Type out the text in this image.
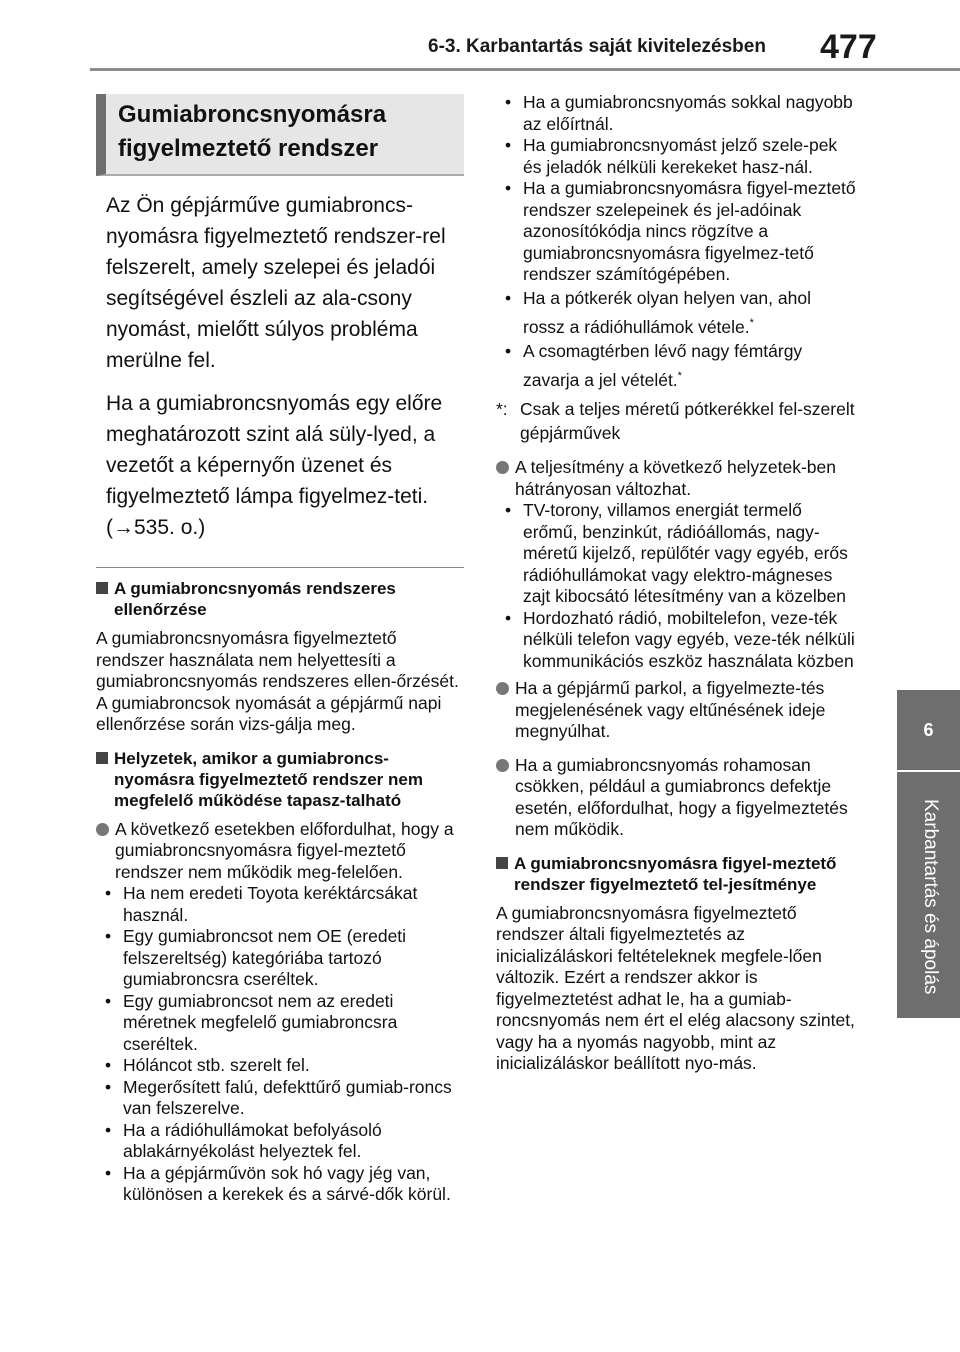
6-3. Karbantartás saját kivitelezésben 477
6
Karbantartás és ápolás
Gumiabroncsnyomásra
figyelmeztető rendszer

Az Ön gépjárműve gumiabroncs-nyomásra figyelmeztető rendszer-rel felszerelt, amely szelepei és jeladói segítségével észleli az ala-csony nyomást, mielőtt súlyos probléma merülne fel.

Ha a gumiabroncsnyomás egy előre meghatározott szint alá süly-lyed, a vezetőt a képernyőn üzenet és figyelmeztető lámpa figyelmez-teti. (→535. o.)

A gumiabroncsnyomás rendszeres ellenőrzése

A gumiabroncsnyomásra figyelmeztető rendszer használata nem helyettesíti a gumiabroncsnyomás rendszeres ellen-őrzését. A gumiabroncsok nyomását a gépjármű napi ellenőrzése során vizs-gálja meg.

Helyzetek, amikor a gumiabroncs-nyomásra figyelmeztető rendszer nem megfelelő működése tapasz-talható
A következő esetekben előfordulhat, hogy a gumiabroncsnyomásra figyel-meztető rendszer nem működik meg-felelően.
• Ha nem eredeti Toyota keréktárcsákat használ.
• Egy gumiabroncsot nem OE (eredeti felszereltség) kategóriába tartozó gumiabroncsra cseréltek.
• Egy gumiabroncsot nem az eredeti méretnek megfelelő gumiabroncsra cseréltek.
• Hóláncot stb. szerelt fel.
• Megerősített falú, defekttűrő gumiab-roncs van felszerelve.
• Ha a rádióhullámokat befolyásoló ablakárnyékolást helyeztek fel.
• Ha a gépjárművön sok hó vagy jég van, különösen a kerekek és a sárvé-dők körül.
• Ha a gumiabroncsnyomás sokkal nagyobb az előírtnál.
• Ha gumiabroncsnyomást jelző szele-pek és jeladók nélküli kerekeket hasz-nál.
• Ha a gumiabroncsnyomásra figyel-meztető rendszer szelepeinek és jel-adóinak azonosítókódja nincs rögzítve a gumiabroncsnyomásra figyelmez-tető rendszer számítógépében.
• Ha a pótkerék olyan helyen van, ahol rossz a rádióhullámok vétele.*
• A csomagtérben lévő nagy fémtárgy zavarja a jel vételét.*
*: Csak a teljes méretű pótkerékkel fel-szerelt gépjárművek
A teljesítmény a következő helyzetek-ben hátrányosan változhat.
• TV-torony, villamos energiát termelő erőmű, benzinkút, rádióállomás, nagy-méretű kijelző, repülőtér vagy egyéb, erős rádióhullámokat vagy elektro-mágneses zajt kibocsátó létesítmény van a közelben
• Hordozható rádió, mobiltelefon, veze-ték nélküli telefon vagy egyéb, veze-ték nélküli kommunikációs eszköz használata közben
Ha a gépjármű parkol, a figyelmezte-tés megjelenésének vagy eltűnésének ideje megnyúlhat.
Ha a gumiabroncsnyomás rohamosan csökken, például a gumiabroncs defektje esetén, előfordulhat, hogy a figyelmeztetés nem működik.
A gumiabroncsnyomásra figyel-meztető rendszer figyelmeztető tel-jesítménye

A gumiabroncsnyomásra figyelmeztető rendszer általi figyelmeztetés az inicializáláskori feltételeknek megfele-lően változik. Ezért a rendszer akkor is figyelmeztetést adhat le, ha a gumiab-roncsnyomás nem ért el elég alacsony szintet, vagy ha a nyomás nagyobb, mint az inicializáláskor beállított nyo-más.
